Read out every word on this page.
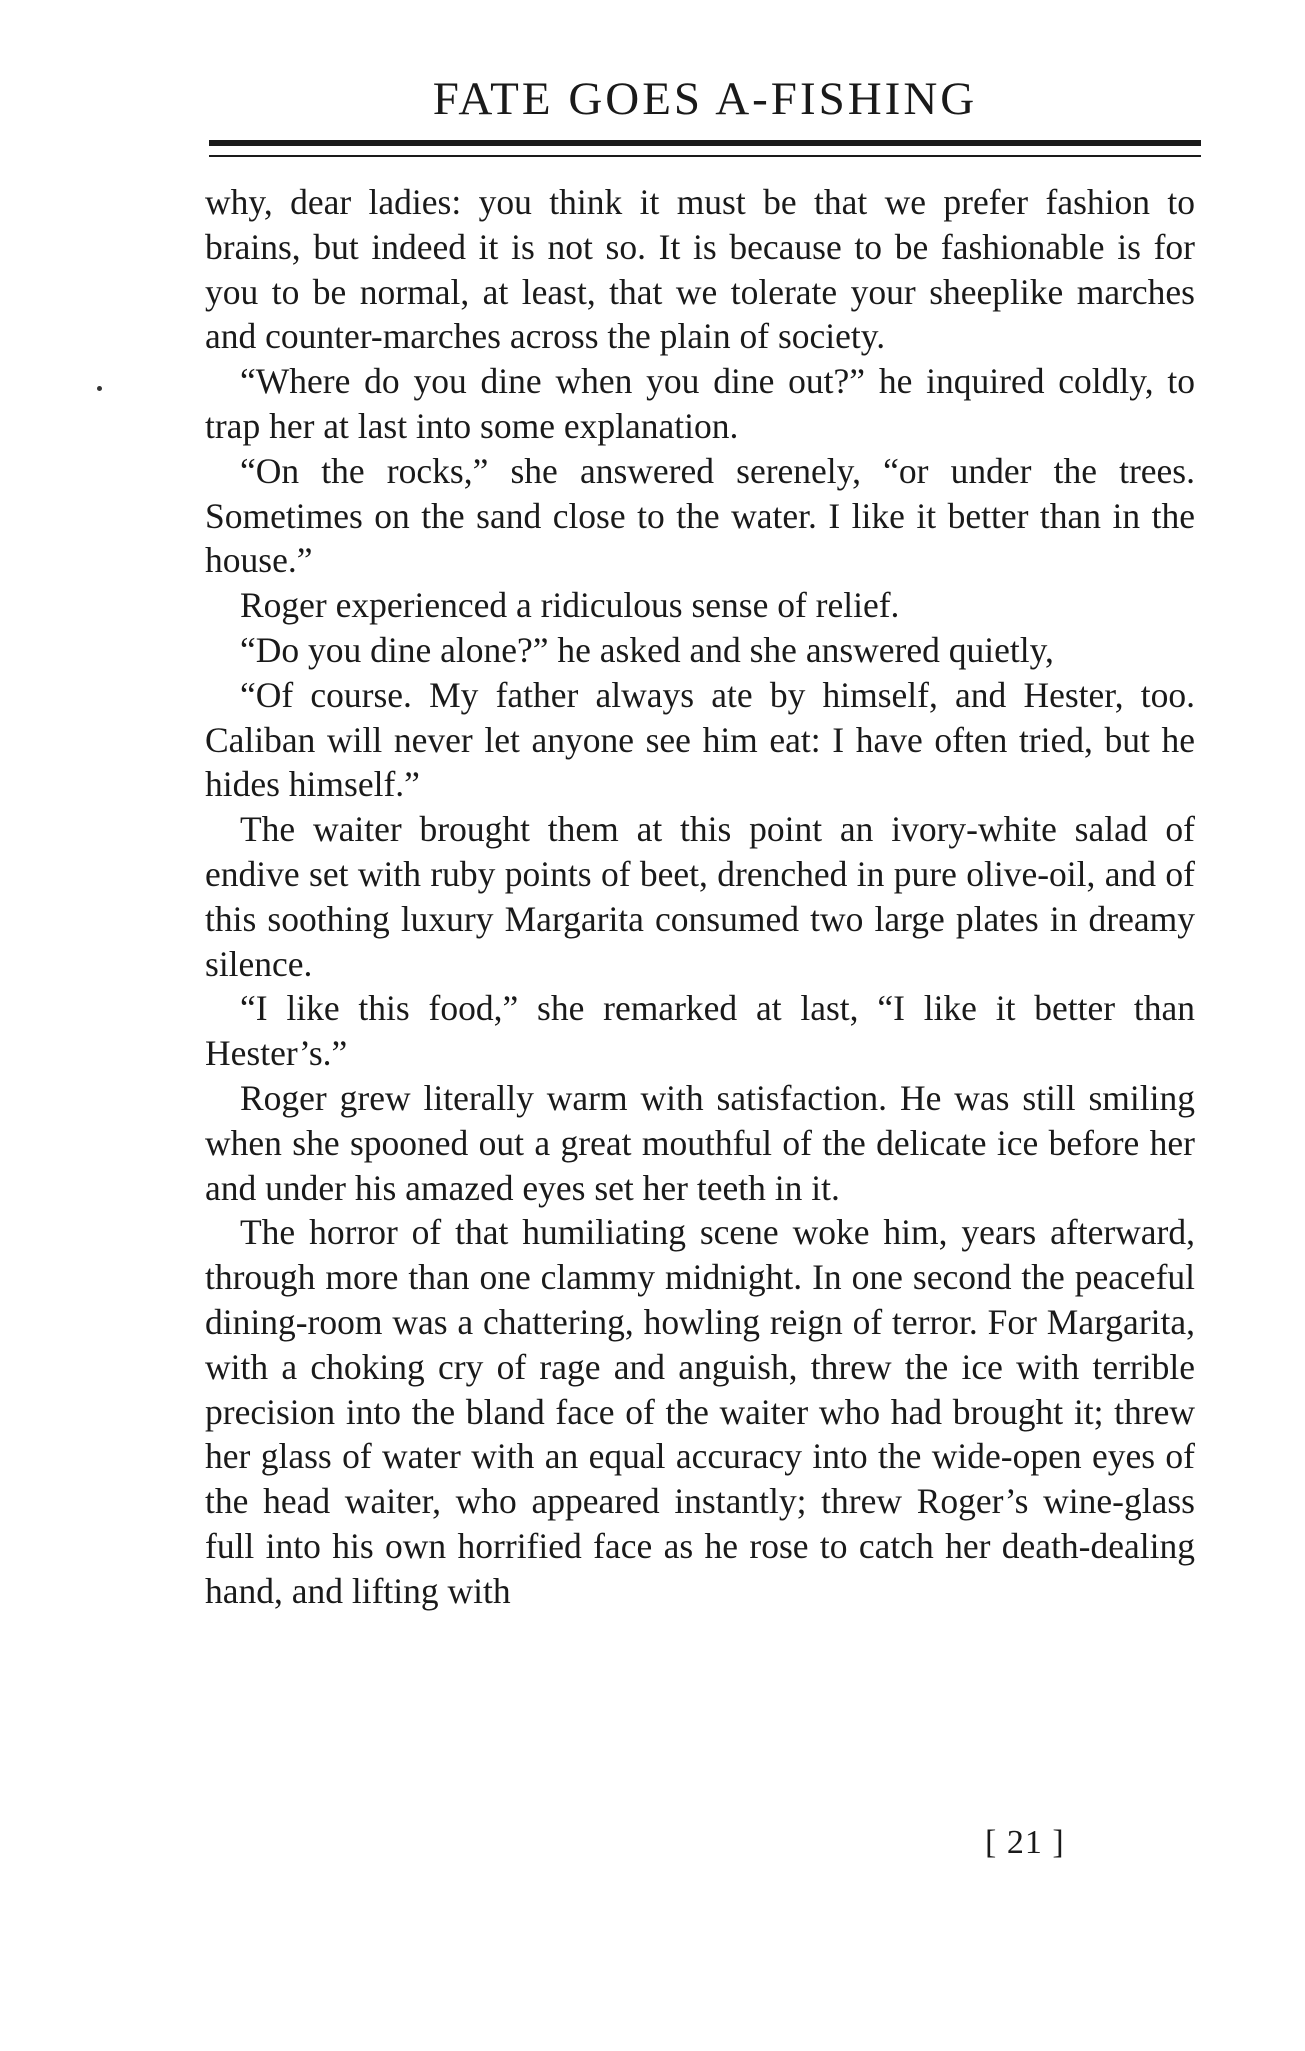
FATE GOES A-FISHING

why, dear ladies: you think it must be that we prefer fashion to brains, but indeed it is not so. It is because to be fashionable is for you to be normal, at least, that we tolerate your sheeplike marches and counter-marches across the plain of society.

“Where do you dine when you dine out?” he inquired coldly, to trap her at last into some explanation.

“On the rocks,” she answered serenely, “or under the trees. Sometimes on the sand close to the water. I like it better than in the house.”

Roger experienced a ridiculous sense of relief.

“Do you dine alone?” he asked and she answered quietly,

“Of course. My father always ate by himself, and Hester, too. Caliban will never let anyone see him eat: I have often tried, but he hides himself.”

The waiter brought them at this point an ivory-white salad of endive set with ruby points of beet, drenched in pure olive-oil, and of this soothing luxury Margarita consumed two large plates in dreamy silence.

“I like this food,” she remarked at last, “I like it better than Hester’s.”

Roger grew literally warm with satisfaction. He was still smiling when she spooned out a great mouthful of the delicate ice before her and under his amazed eyes set her teeth in it.

The horror of that humiliating scene woke him, years afterward, through more than one clammy midnight. In one second the peaceful dining-room was a chattering, howling reign of terror. For Margarita, with a choking cry of rage and anguish, threw the ice with terrible precision into the bland face of the waiter who had brought it; threw her glass of water with an equal accuracy into the wide-open eyes of the head waiter, who appeared instantly; threw Roger’s wine-glass full into his own horrified face as he rose to catch her death-dealing hand, and lifting with

[ 21 ]
